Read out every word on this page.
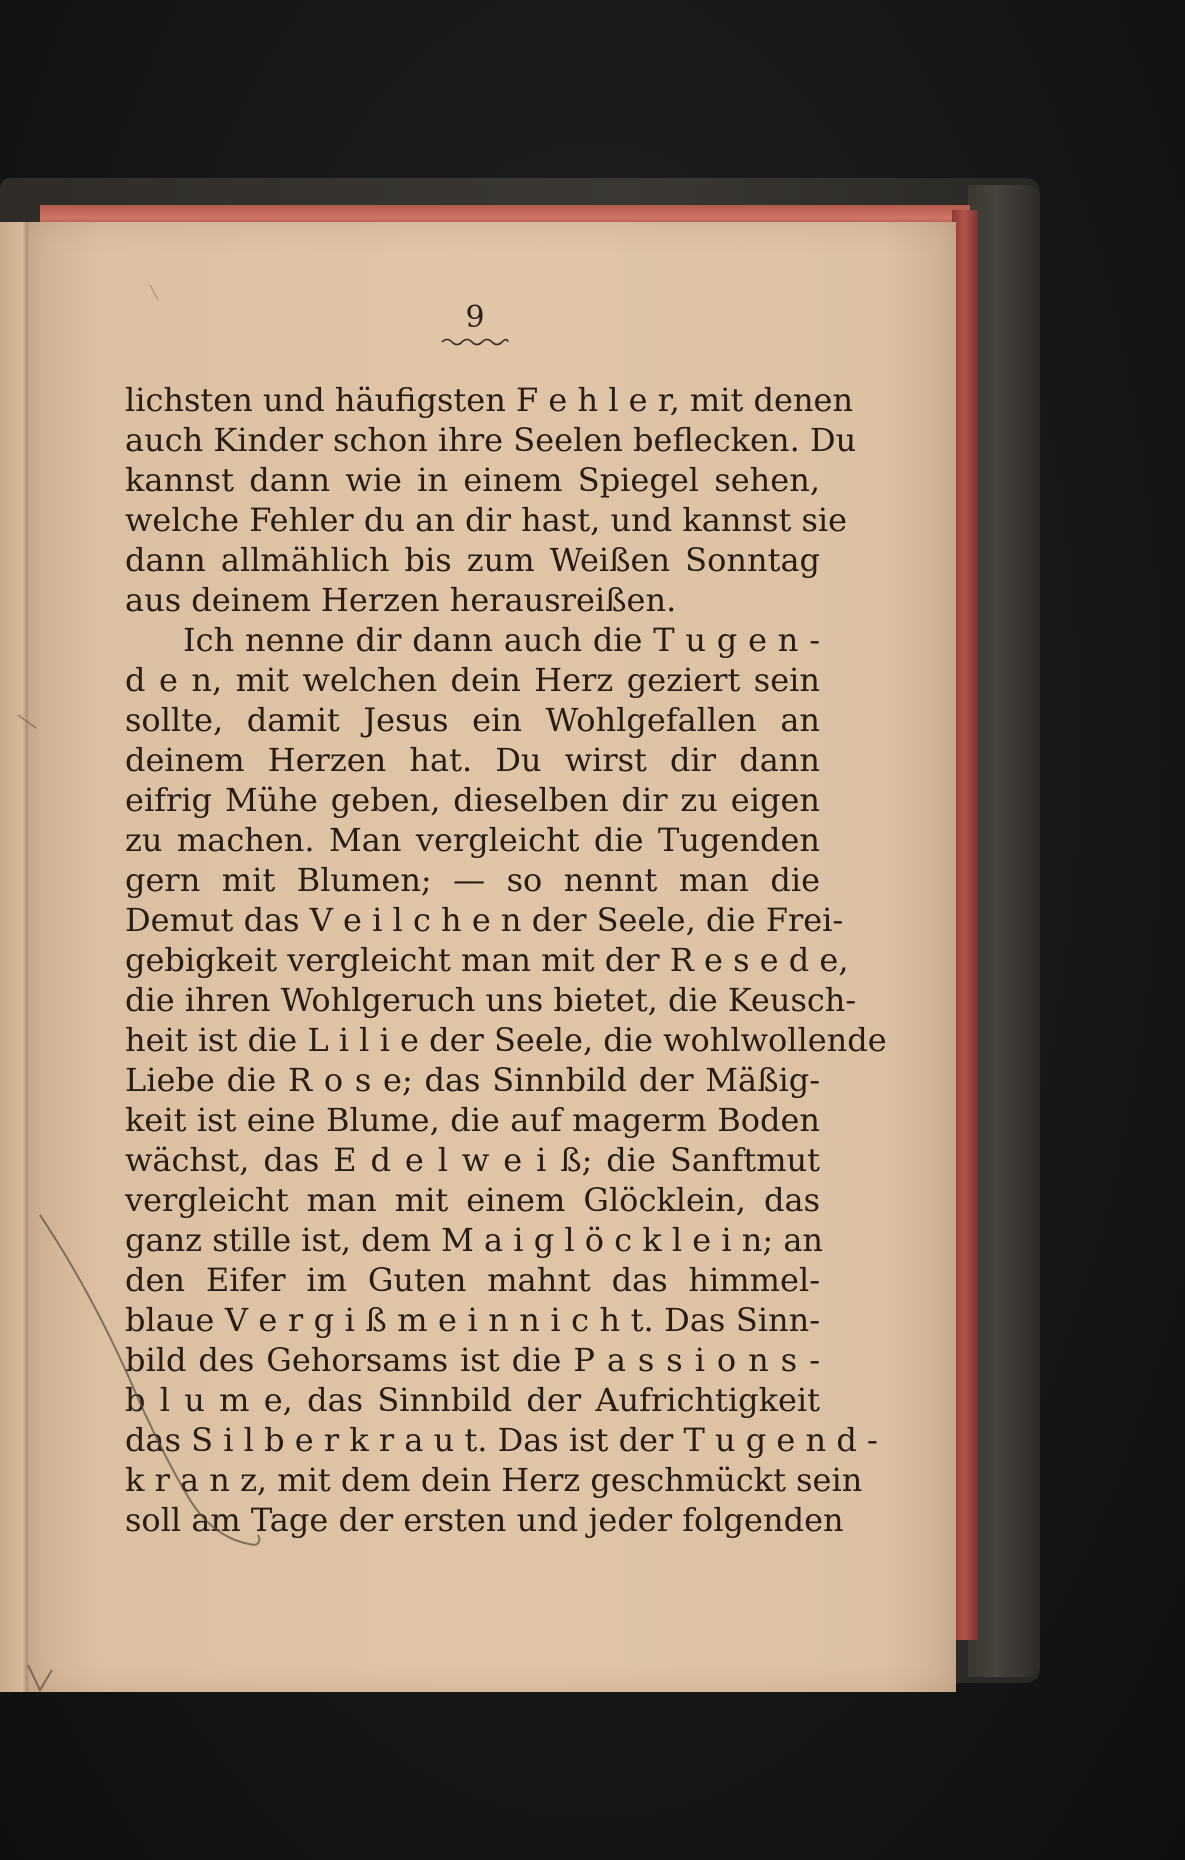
9
lichsten und häufigsten F e h l e r, mit denen
auch Kinder schon ihre Seelen beflecken. Du
kannst dann wie in einem Spiegel sehen,
welche Fehler du an dir hast, und kannst sie
dann allmählich bis zum Weißen Sonntag
aus deinem Herzen herausreißen.
Ich nenne dir dann auch die T u g e n -
d e n, mit welchen dein Herz geziert sein
sollte, damit Jesus ein Wohlgefallen an
deinem Herzen hat. Du wirst dir dann
eifrig Mühe geben, dieselben dir zu eigen
zu machen. Man vergleicht die Tugenden
gern mit Blumen; — so nennt man die
Demut das V e i l c h e n der Seele, die Frei-
gebigkeit vergleicht man mit der R e s e d e,
die ihren Wohlgeruch uns bietet, die Keusch-
heit ist die L i l i e der Seele, die wohlwollende
Liebe die R o s e; das Sinnbild der Mäßig-
keit ist eine Blume, die auf magerm Boden
wächst, das E d e l w e i ß; die Sanftmut
vergleicht man mit einem Glöcklein, das
ganz stille ist, dem M a i g l ö c k l e i n; an
den Eifer im Guten mahnt das himmel-
blaue V e r g i ß m e i n n i c h t. Das Sinn-
bild des Gehorsams ist die P a s s i o n s -
b l u m e, das Sinnbild der Aufrichtigkeit
das S i l b e r k r a u t. Das ist der T u g e n d -
k r a n z, mit dem dein Herz geschmückt sein
soll am Tage der ersten und jeder folgenden
